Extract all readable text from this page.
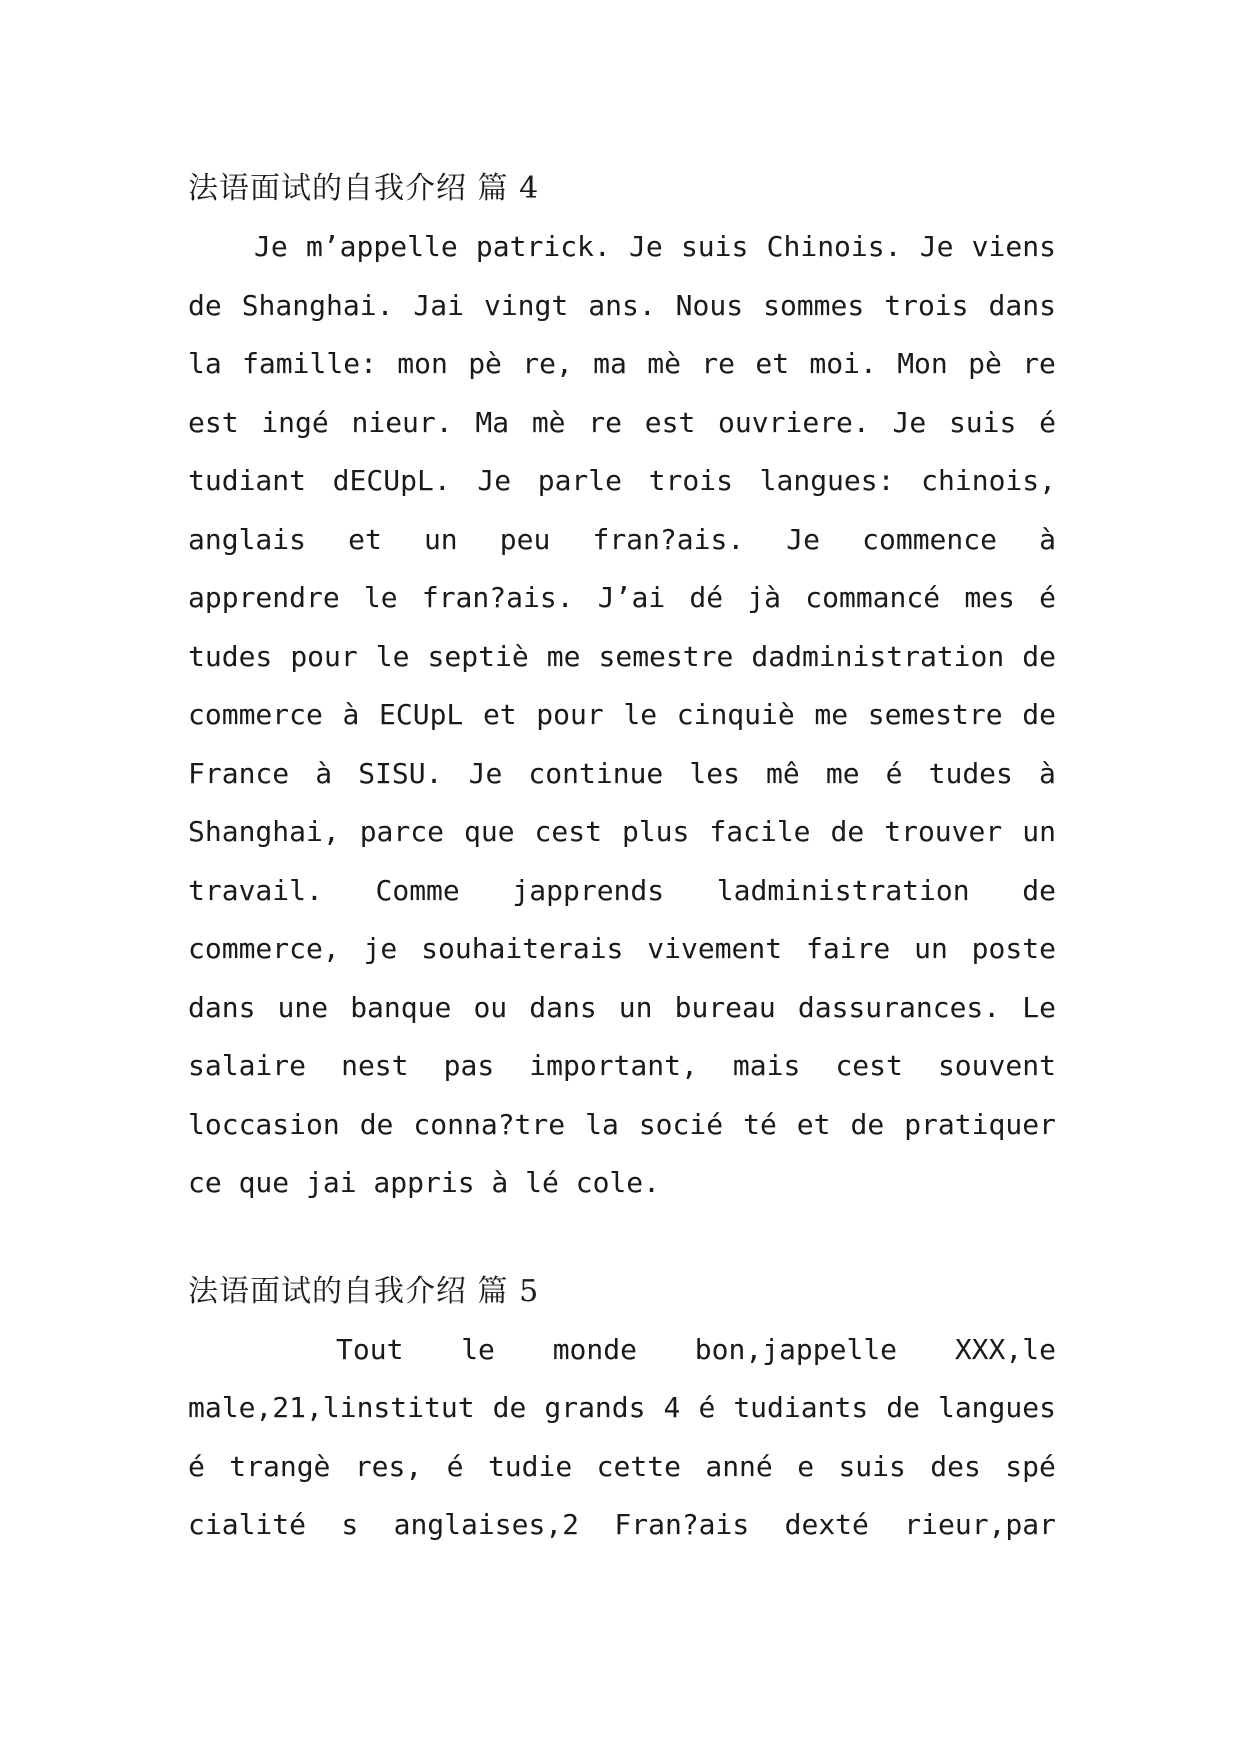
法语面试的自我介绍 篇 4
Je m’appelle patrick. Je suis Chinois. Je viens
de Shanghai. Jai vingt ans. Nous sommes trois dans
la famille: mon pè re, ma mè re et moi. Mon pè re
est ingé nieur. Ma mè re est ouvriere. Je suis é
tudiant dECUpL. Je parle trois langues: chinois,
anglais et un peu fran?ais. Je commence à
apprendre le fran?ais. J’ai dé jà commancé mes é
tudes pour le septiè me semestre dadministration de
commerce à ECUpL et pour le cinquiè me semestre de
France à SISU. Je continue les mê me é tudes à
Shanghai, parce que cest plus facile de trouver un
travail. Comme japprends ladministration de
commerce, je souhaiterais vivement faire un poste
dans une banque ou dans un bureau dassurances. Le
salaire nest pas important, mais cest souvent
loccasion de conna?tre la socié té et de pratiquer
ce que jai appris à lé cole.
法语面试的自我介绍 篇 5
Tout le monde bon,jappelle XXX,le
male,21,linstitut de grands 4 é tudiants de langues
é trangè res, é tudie cette anné e suis des spé
cialité s anglaises,2 Fran?ais dexté rieur,par
